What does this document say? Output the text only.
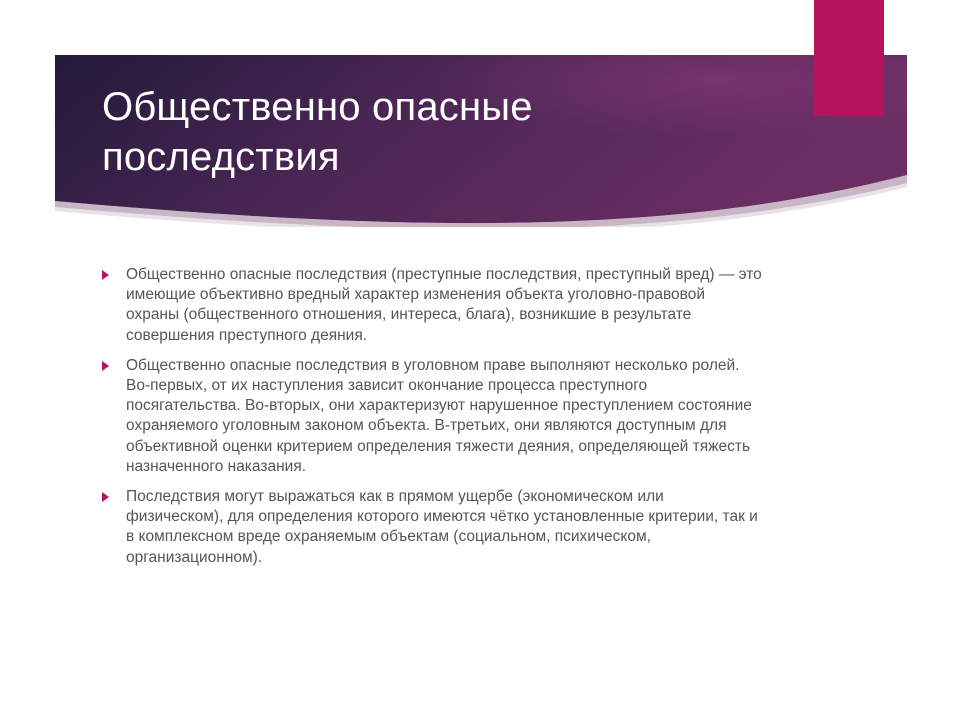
Общественно опасные последствия
Общественно опасные последствия (преступные последствия, преступный вред) — это имеющие объективно вредный характер изменения объекта уголовно-правовой охраны (общественного отношения, интереса, блага), возникшие в результате совершения преступного деяния.
Общественно опасные последствия в уголовном праве выполняют несколько ролей. Во-первых, от их наступления зависит окончание процесса преступного посягательства. Во-вторых, они характеризуют нарушенное преступлением состояние охраняемого уголовным законом объекта. В-третьих, они являются доступным для объективной оценки критерием определения тяжести деяния, определяющей тяжесть назначенного наказания.
Последствия могут выражаться как в прямом ущербе (экономическом или физическом), для определения которого имеются чётко установленные критерии, так и в комплексном вреде охраняемым объектам (социальном, психическом, организационном).
